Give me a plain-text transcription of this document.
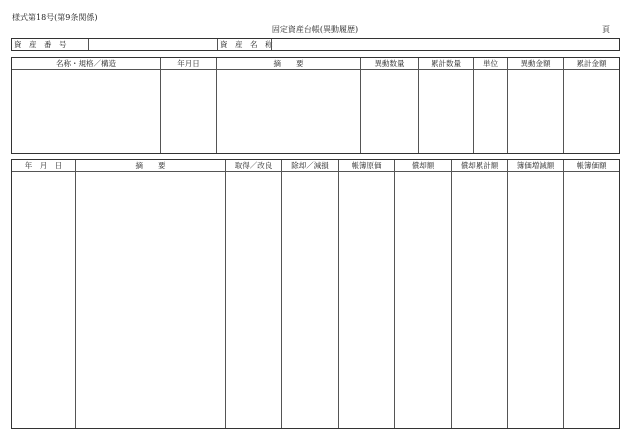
様式第18号(第9条関係)
固定資産台帳(異動履歴)	頁
資　産　番　号	資　産　名　称
名称・規格／構造	年月日	摘　　要	異動数量	累計数量	単位	異動金額	累計金額
年　月　日	摘　　要	取得／改良	除却／減損	帳簿原価	償却額	償却累計額	簿価増減額	帳簿価額
